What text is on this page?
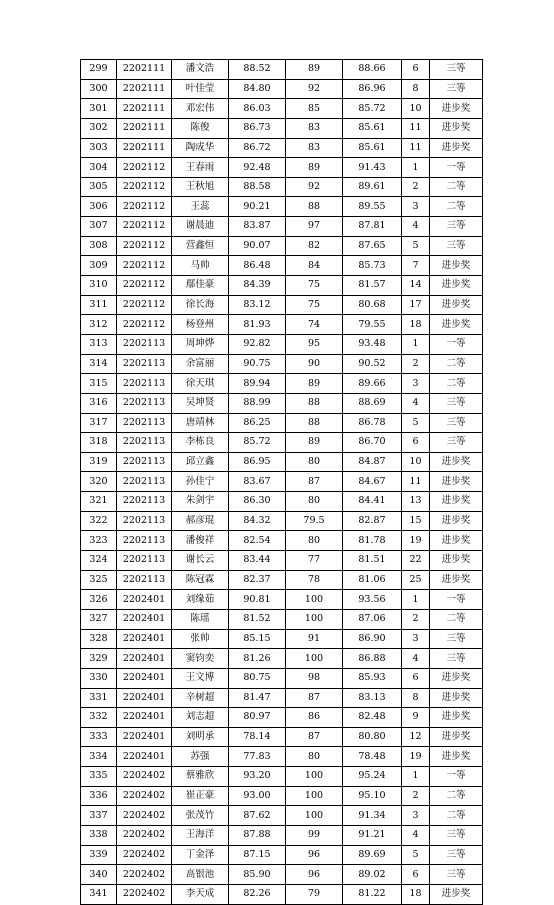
299	2202111	潘文浩	88.52	89	88.66	6	三等
300	2202111	叶佳莹	84.80	92	86.96	8	三等
301	2202111	邓宏伟	86.03	85	85.72	10	进步奖
302	2202111	陈俊	86.73	83	85.61	11	进步奖
303	2202111	陶成华	86.72	83	85.61	11	进步奖
304	2202112	王春雨	92.48	89	91.43	1	一等
305	2202112	王秋旭	88.58	92	89.61	2	二等
306	2202112	王蕊	90.21	88	89.55	3	二等
307	2202112	谢晨迪	83.87	97	87.81	4	三等
308	2202112	营鑫恒	90.07	82	87.65	5	三等
309	2202112	马帅	86.48	84	85.73	7	进步奖
310	2202112	鄢佳豪	84.39	75	81.57	14	进步奖
311	2202112	徐长海	83.12	75	80.68	17	进步奖
312	2202112	杨登州	81.93	74	79.55	18	进步奖
313	2202113	周坤烨	92.82	95	93.48	1	一等
314	2202113	余富丽	90.75	90	90.52	2	二等
315	2202113	徐天琪	89.94	89	89.66	3	二等
316	2202113	吴坤贤	88.99	88	88.69	4	三等
317	2202113	唐靖林	86.25	88	86.78	5	三等
318	2202113	李栋良	85.72	89	86.70	6	三等
319	2202113	邱立鑫	86.95	80	84.87	10	进步奖
320	2202113	孙佳宁	83.67	87	84.67	11	进步奖
321	2202113	朱剑宇	86.30	80	84.41	13	进步奖
322	2202113	郝彦琨	84.32	79.5	82.87	15	进步奖
323	2202113	潘俊祥	82.54	80	81.78	19	进步奖
324	2202113	谢长云	83.44	77	81.51	22	进步奖
325	2202113	陈冠霖	82.37	78	81.06	25	进步奖
326	2202401	刘缘茹	90.81	100	93.56	1	一等
327	2202401	陈瑶	81.52	100	87.06	2	二等
328	2202401	张帅	85.15	91	86.90	3	三等
329	2202401	窦钧奕	81.26	100	86.88	4	三等
330	2202401	王文博	80.75	98	85.93	6	进步奖
331	2202401	辛树超	81.47	87	83.13	8	进步奖
332	2202401	刘志超	80.97	86	82.48	9	进步奖
333	2202401	刘明承	78.14	87	80.80	12	进步奖
334	2202401	苏强	77.83	80	78.48	19	进步奖
335	2202402	蔡雅欣	93.20	100	95.24	1	一等
336	2202402	崔正豪	93.00	100	95.10	2	二等
337	2202402	张茂竹	87.62	100	91.34	3	二等
338	2202402	王海洋	87.88	99	91.21	4	三等
339	2202402	丁金泽	87.15	96	89.69	5	三等
340	2202402	高银池	85.90	96	89.02	6	三等
341	2202402	李天成	82.26	79	81.22	18	进步奖
